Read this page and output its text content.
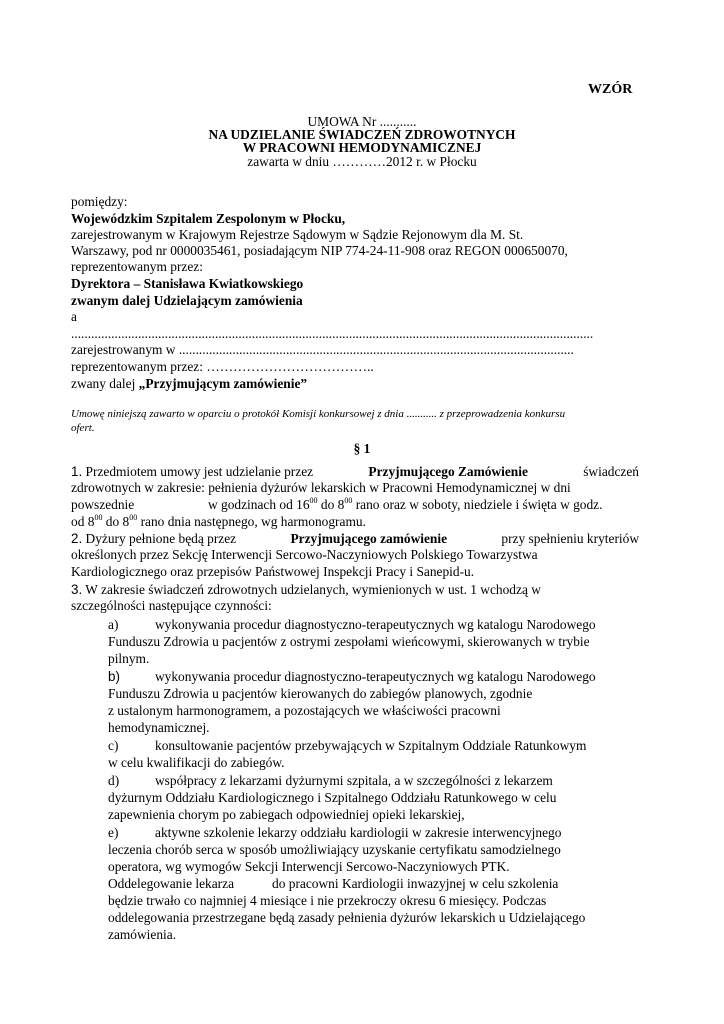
WZÓR
UMOWA Nr ...........
NA UDZIELANIE ŚWIADCZEŃ ZDROWOTNYCH
W PRACOWNI HEMODYNAMICZNEJ
zawarta w dniu …………2012 r. w Płocku
pomiędzy:
Wojewódzkim Szpitalem Zespolonym w Płocku,
zarejestrowanym w Krajowym Rejestrze Sądowym w Sądzie Rejonowym dla M. St.
Warszawy, pod nr 0000035461, posiadającym NIP 774-24-11-908 oraz REGON 000650070,
reprezentowanym przez:
Dyrektora – Stanisława Kwiatkowskiego
zwanym dalej Udzielającym zamówienia
a
............................................................................................................................................................
zarejestrowanym w ......................................................................................................................
reprezentowanym przez: ………………………………..
zwany dalej „Przyjmującym zamówienie”
Umowę niniejszą zawarto w oparciu o protokół Komisji konkursowej z dnia ........... z przeprowadzenia konkursu
ofert.
§ 1
1. Przedmiotem umowy jest udzielanie przez	Przyjmującego Zamówienie	świadczeń
zdrowotnych w zakresie: pełnienia dyżurów lekarskich w Pracowni Hemodynamicznej w dni
powszednie	w godzinach od $16^{00}$ do $8^{00}$ rano oraz w soboty, niedziele i święta w godz.
od $8^{00}$ do $8^{00}$ rano dnia następnego, wg harmonogramu.
2. Dyżury pełnione będą przez	Przyjmującego zamówienie	przy spełnieniu kryteriów
określonych przez Sekcję Interwencji Sercowo-Naczyniowych Polskiego Towarzystwa
Kardiologicznego oraz przepisów Państwowej Inspekcji Pracy i Sanepid-u.
3. W zakresie świadczeń zdrowotnych udzielanych, wymienionych w ust. 1 wchodzą w
szczególności następujące czynności:
a)	wykonywania procedur diagnostyczno-terapeutycznych wg katalogu Narodowego
Funduszu Zdrowia u pacjentów z ostrymi zespołami wieńcowymi, skierowanych w trybie
pilnym.
b)	wykonywania procedur diagnostyczno-terapeutycznych wg katalogu Narodowego
Funduszu Zdrowia u pacjentów kierowanych do zabiegów planowych, zgodnie
z ustalonym harmonogramem, a pozostających we właściwości pracowni
hemodynamicznej.
c)	konsultowanie pacjentów przebywających w Szpitalnym Oddziale Ratunkowym
w celu kwalifikacji do zabiegów.
d)	współpracy z lekarzami dyżurnymi szpitala, a w szczególności z lekarzem
dyżurnym Oddziału Kardiologicznego i Szpitalnego Oddziału Ratunkowego w celu
zapewnienia chorym po zabiegach odpowiedniej opieki lekarskiej,
e)	aktywne szkolenie lekarzy oddziału kardiologii w zakresie interwencyjnego
leczenia chorób serca w sposób umożliwiający uzyskanie certyfikatu samodzielnego
operatora, wg wymogów Sekcji Interwencji Sercowo-Naczyniowych PTK.
Oddelegowanie lekarza	do pracowni Kardiologii inwazyjnej w celu szkolenia
będzie trwało co najmniej 4 miesiące i nie przekroczy okresu 6 miesięcy. Podczas
oddelegowania przestrzegane będą zasady pełnienia dyżurów lekarskich u Udzielającego
zamówienia.
